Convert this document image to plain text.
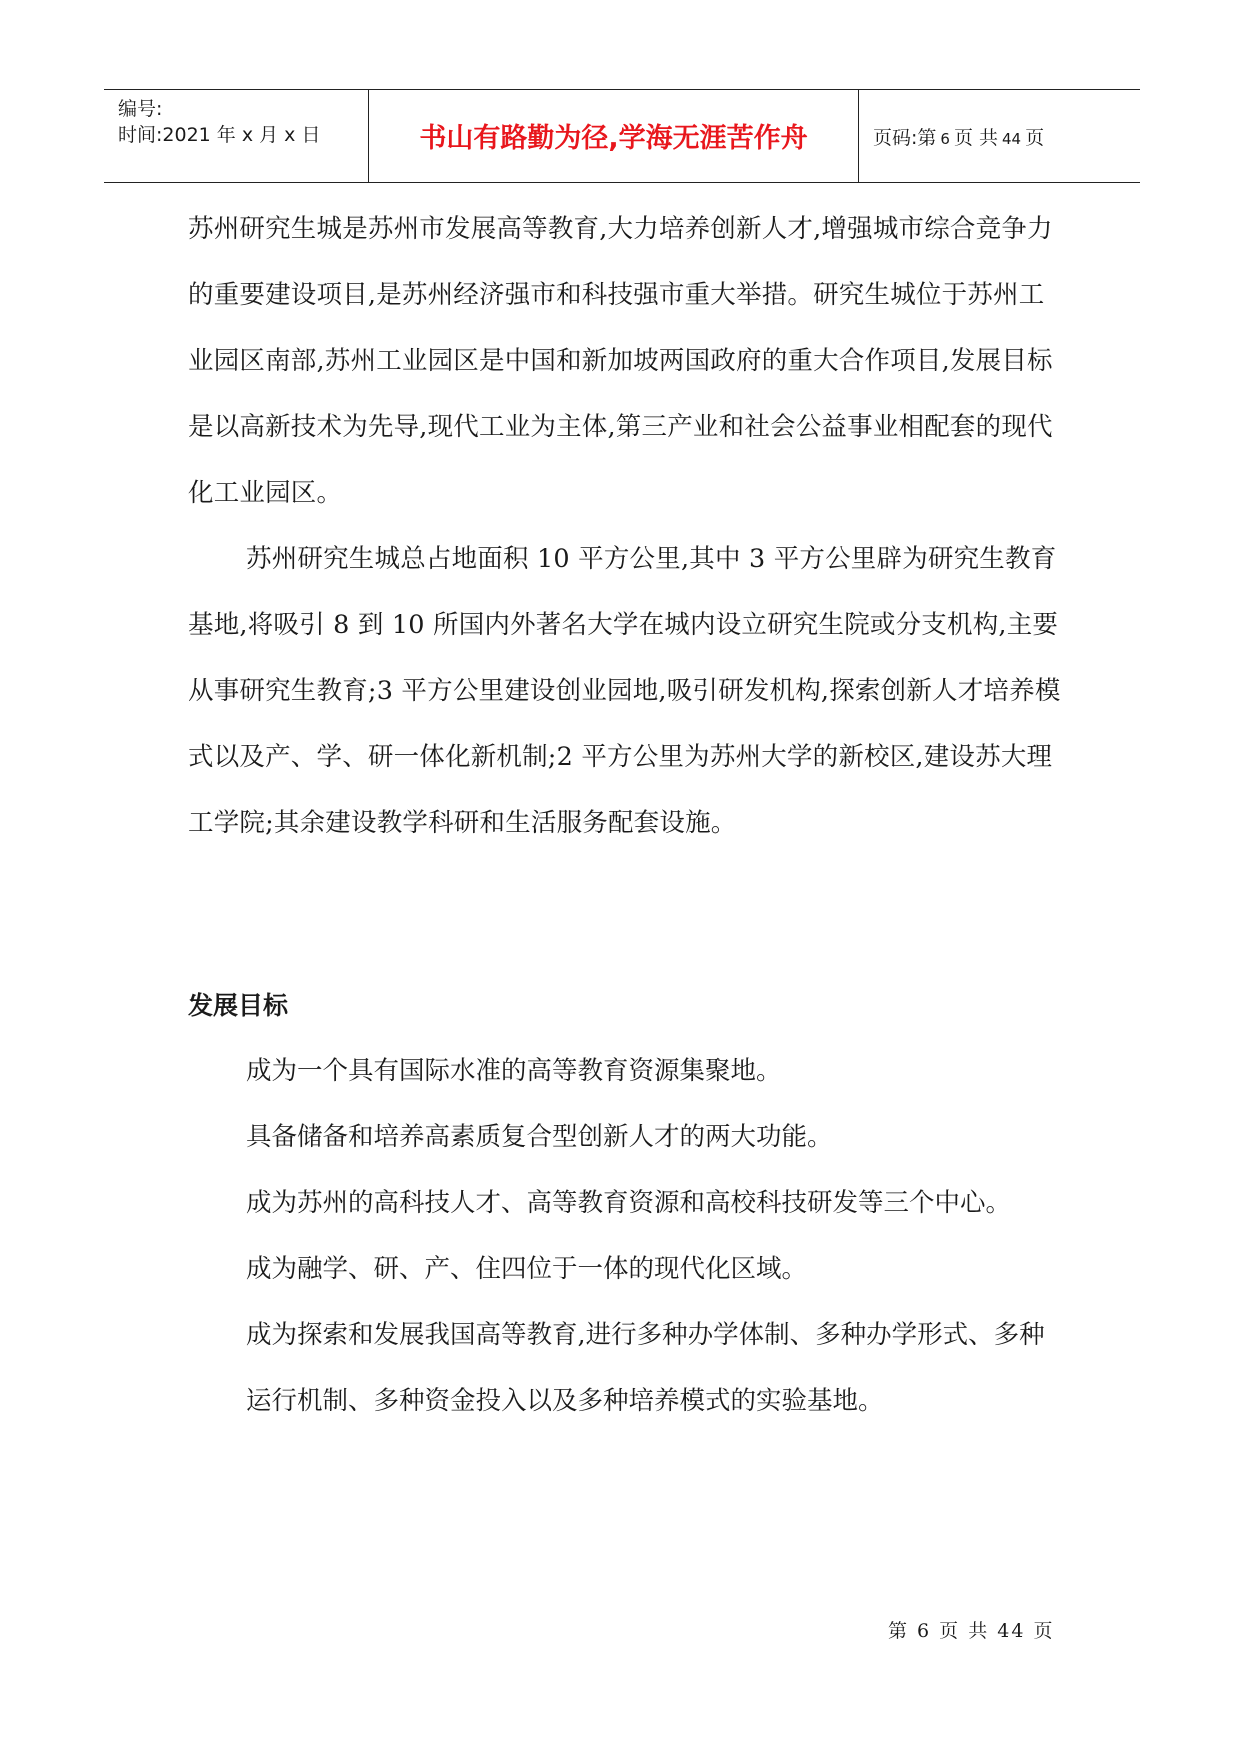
编号:
时间:2021 年 x 月 x 日	书山有路勤为径,学海无涯苦作舟	页码:第 6 页 共 44 页

苏州研究生城是苏州市发展高等教育,大力培养创新人才,增强城市综合竞争力的重要建设项目,是苏州经济强市和科技强市重大举措。研究生城位于苏州工业园区南部,苏州工业园区是中国和新加坡两国政府的重大合作项目,发展目标是以高新技术为先导,现代工业为主体,第三产业和社会公益事业相配套的现代化工业园区。

苏州研究生城总占地面积 10 平方公里,其中 3 平方公里辟为研究生教育基地,将吸引 8 到 10 所国内外著名大学在城内设立研究生院或分支机构,主要从事研究生教育;3 平方公里建设创业园地,吸引研发机构,探索创新人才培养模式以及产、学、研一体化新机制;2 平方公里为苏州大学的新校区,建设苏大理工学院;其余建设教学科研和生活服务配套设施。

发展目标

成为一个具有国际水准的高等教育资源集聚地。

具备储备和培养高素质复合型创新人才的两大功能。

成为苏州的高科技人才、高等教育资源和高校科技研发等三个中心。

成为融学、研、产、住四位于一体的现代化区域。

成为探索和发展我国高等教育,进行多种办学体制、多种办学形式、多种运行机制、多种资金投入以及多种培养模式的实验基地。

第 6 页 共 44 页
